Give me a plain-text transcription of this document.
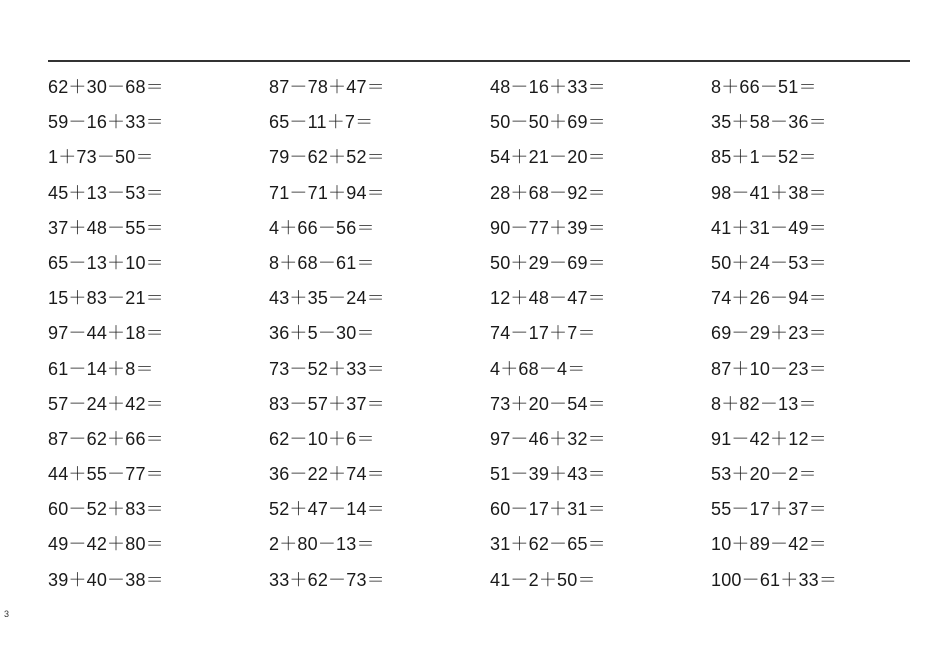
62＋30－68＝	87－78＋47＝	48－16＋33＝	8＋66－51＝
59－16＋33＝	65－11＋7＝	50－50＋69＝	35＋58－36＝
1＋73－50＝	79－62＋52＝	54＋21－20＝	85＋1－52＝
45＋13－53＝	71－71＋94＝	28＋68－92＝	98－41＋38＝
37＋48－55＝	4＋66－56＝	90－77＋39＝	41＋31－49＝
65－13＋10＝	8＋68－61＝	50＋29－69＝	50＋24－53＝
15＋83－21＝	43＋35－24＝	12＋48－47＝	74＋26－94＝
97－44＋18＝	36＋5－30＝	74－17＋7＝	69－29＋23＝
61－14＋8＝	73－52＋33＝	4＋68－4＝	87＋10－23＝
57－24＋42＝	83－57＋37＝	73＋20－54＝	8＋82－13＝
87－62＋66＝	62－10＋6＝	97－46＋32＝	91－42＋12＝
44＋55－77＝	36－22＋74＝	51－39＋43＝	53＋20－2＝
60－52＋83＝	52＋47－14＝	60－17＋31＝	55－17＋37＝
49－42＋80＝	2＋80－13＝	31＋62－65＝	10＋89－42＝
39＋40－38＝	33＋62－73＝	41－2＋50＝	100－61＋33＝
3
